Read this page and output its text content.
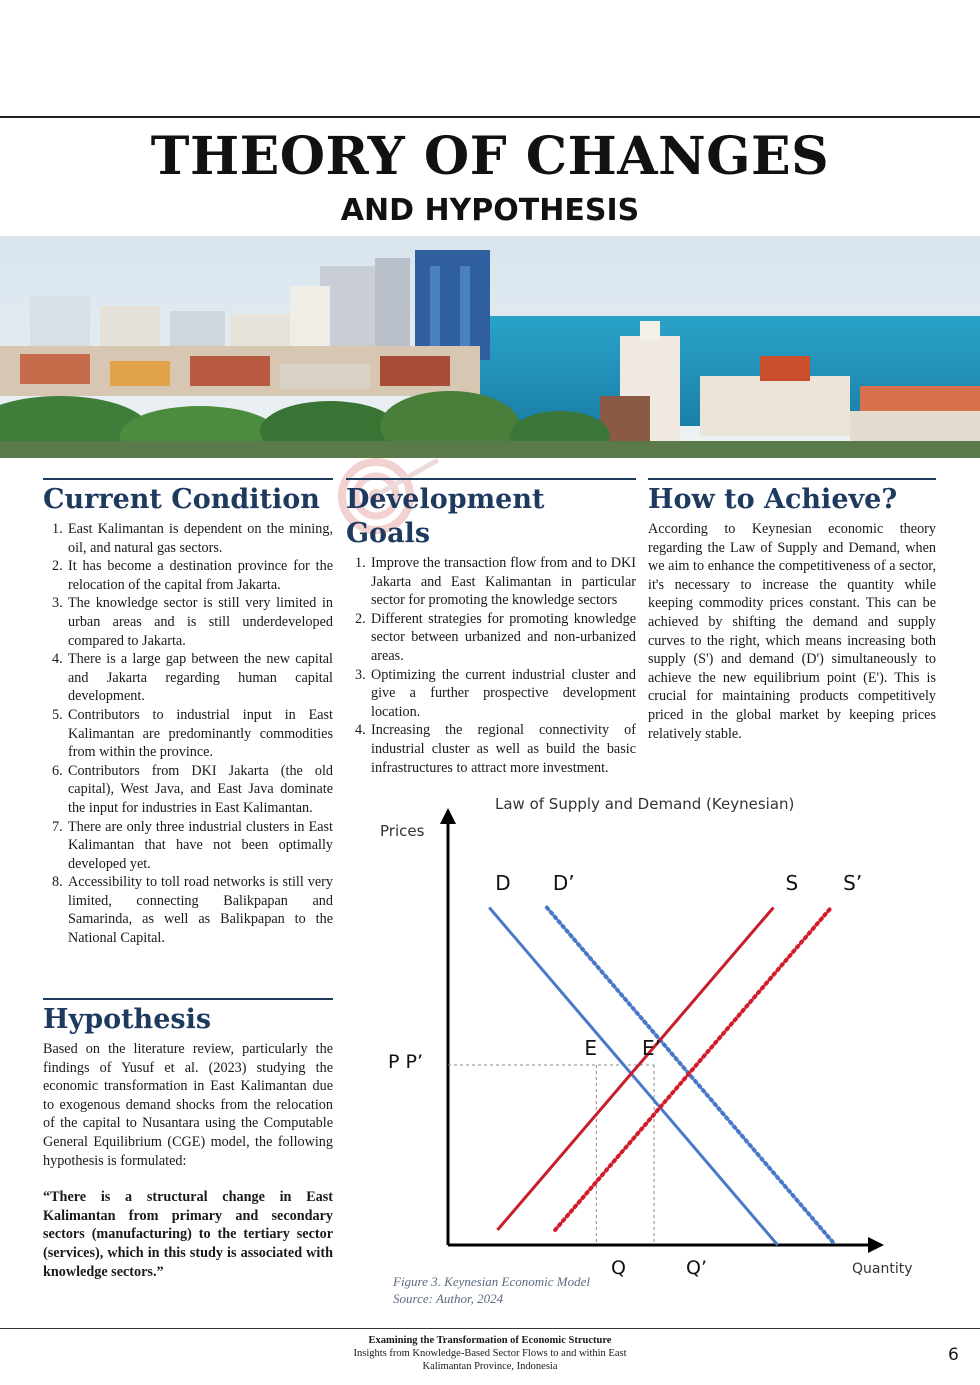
THEORY OF CHANGES
AND HYPOTHESIS
Current Condition
1. East Kalimantan is dependent on the mining, oil, and natural gas sectors.
2. It has become a destination province for the relocation of the capital from Jakarta.
3. The knowledge sector is still very limited in urban areas and is still underdeveloped compared to Jakarta.
4. There is a large gap between the new capital and Jakarta regarding human capital development.
5. Contributors to industrial input in East Kalimantan are predominantly commodities from within the province.
6. Contributors from DKI Jakarta (the old capital), West Java, and East Java dominate the input for industries in East Kalimantan.
7. There are only three industrial clusters in East Kalimantan that have not been optimally developed yet.
8. Accessibility to toll road networks is still very limited, connecting Balikpapan and Samarinda, as well as Balikpapan to the National Capital.
Development Goals
1. Improve the transaction flow from and to DKI Jakarta and East Kalimantan in particular sector for promoting the knowledge sectors
2. Different strategies for promoting knowledge sector between urbanized and non-urbanized areas.
3. Optimizing the current industrial cluster and give a further prospective development location.
4. Increasing the regional connectivity of industrial cluster as well as build the basic infrastructures to attract more investment.
How to Achieve?

According to Keynesian economic theory regarding the Law of Supply and Demand, when we aim to enhance the competitiveness of a sector, it's necessary to increase the quantity while keeping commodity prices constant. This can be achieved by shifting the demand and supply curves to the right, which means increasing both supply (S') and demand (D') simultaneously to achieve the new equilibrium point (E'). This is crucial for maintaining products competitively priced in the global market by keeping prices relatively stable.

Hypothesis

Based on the literature review, particularly the findings of Yusuf et al. (2023) studying the economic transformation in East Kalimantan due to exogenous demand shocks from the relocation of the capital to Nusantara using the Computable General Equilibrium (CGE) model, the following hypothesis is formulated:

“There is a structural change in East Kalimantan from primary and secondary sectors (manufacturing) to the tertiary sector (services), which in this study is associated with knowledge sectors.”

Law of Supply and Demand (Keynesian)
Prices
Quantity
D D’	S S’
E E’
P P’
Q	Q’
Figure 3. Keynesian Economic Model
Source: Author, 2024
Examining the Transformation of Economic Structure
Insights from Knowledge-Based Sector Flows to and within East
Kalimantan Province, Indonesia
6
